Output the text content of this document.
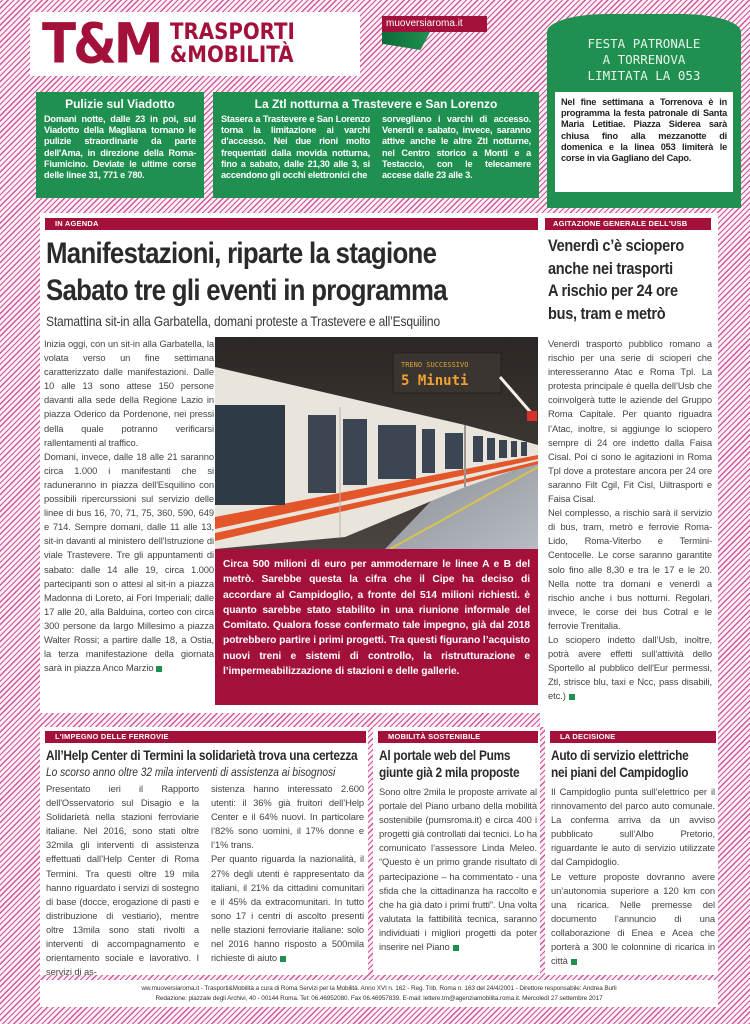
T&M TRASPORTI
&MOBILITÀ
muoversiaroma.it
Pulizie sul Viadotto
Domani notte, dalle 23 in poi, sul Viadotto della Magliana tornano le pulizie straordinarie da parte dell'Ama, in direzione della Roma-Fiumicino. Deviate le ultime corse delle linee 31, 771 e 780.
La Ztl notturna a Trastevere e San Lorenzo
Stasera a Trastevere e San Lorenzo torna la limitazione ai varchi d'accesso. Nei due rioni molto frequentati dalla movida notturna, fino a sabato, dalle 21,30 alle 3, si accendono gli occhi elettronici che
sorvegliano i varchi di accesso. Venerdì e sabato, invece, saranno attive anche le altre Ztl notturne, nel Centro storico a Monti e a Testaccio, con le telecamere accese dalle 23 alle 3.
FESTA PATRONALE
A TORRENOVA
LIMITATA LA 053
Nel fine settimana a Torrenova è in programma la festa patronale di Santa Maria Letitiae. Piazza Siderea sarà chiusa fino alla mezzanotte di domenica e la linea 053 limiterà le corse in via Gagliano del Capo.
IN AGENDA
Manifestazioni, riparte la stagione
Sabato tre gli eventi in programma
Stamattina sit-in alla Garbatella, domani proteste a Trastevere e all’Esquilino

Inizia oggi, con un sit-in alla Garbatella, la volata verso un fine settimana caratterizzato dalle manifestazioni. Dalle 10 alle 13 sono attese 150 persone davanti alla sede della Regione Lazio in piazza Oderico da Pordenone, nei pressi della quale potranno verificarsi rallentamenti al traffico.

Domani, invece, dalle 18 alle 21 saranno circa 1.000 i manifestanti che si raduneranno in piazza dell'Esquilino con possibili ripercurssioni sul servizio delle linee di bus 16, 70, 71, 75, 360, 590, 649 e 714. Sempre domani, dalle 11 alle 13, sit-in davanti al ministero dell'Istruzione di viale Trastevere. Tre gli appuntamenti di sabato: dalle 14 alle 19, circa 1.000 partecipanti son o attesi al sit-in a piazza Madonna di Loreto, ai Fori Imperiali; dalle 17 alle 20, alla Balduina, corteo con circa 300 persone da largo Millesimo a piazza Walter Rossi; a partire dalle 18, a Ostia, la terza manifestazione della giornata sarà in piazza Anco Marzio

TRENO SUCCESSIVO
5 Minuti
Circa 500 milioni di euro per ammodernare le linee A e B del metrò. Sarebbe questa la cifra che il Cipe ha deciso di accordare al Campidoglio, a fronte del 514 milioni richiesti. è quanto sarebbe stato stabilito in una riunione informale del Comitato. Qualora fosse confermato tale impegno, già dal 2018 potrebbero partire i primi progetti. Tra questi figurano l’acquisto nuovi treni e sistemi di controllo, la ristrutturazione e l’impermeabilizzazione di stazioni e delle gallerie.
AGITAZIONE GENERALE DELL'USB
Venerdì c’è sciopero
anche nei trasporti
A rischio per 24 ore
bus, tram e metrò

Venerdì trasporto pubblico romano a rischio per una serie di scioperi che interesseranno Atac e Roma Tpl. La protesta principale è quella dell’Usb che coinvolgerà tutte le aziende del Gruppo Roma Capitale. Per quanto riguadra l’Atac, inoltre, si aggiunge lo sciopero sempre di 24 ore indetto dalla Faisa Cisal. Poi ci sono le agitazioni in Roma Tpl dove a protestare ancora per 24 ore saranno Filt Cgil, Fit Cisl, Uiltrasporti e Faisa Cisal.

Nel complesso, a rischio sarà il servizio di bus, tram, metrò e ferrovie Roma-Lido, Roma-Viterbo e Termini-Centocelle. Le corse saranno garantite solo fino alle 8,30 e tra le 17 e le 20. Nella notte tra domani e venerdì a rischio anche i bus notturni. Regolari, invece, le corse dei bus Cotral e le ferrovie Trenitalia.

Lo sciopero indetto dall’Usb, inoltre, potrà avere effetti sull’attività dello Sportello al pubblico dell'Eur permessi, Ztl, strisce blu, taxi e Ncc, pass disabili, etc.)

L'IMPEGNO DELLE FERROVIE
All’Help Center di Termini la solidarietà trova una certezza
Lo scorso anno oltre 32 mila interventi di assistenza ai bisognosi
Presentato ieri il Rapporto dell'Osservatorio sul Disagio e la Solidarietà nella stazioni ferroviarie italiane. Nel 2016, sono stati oltre 32mila gli interventi di assistenza effettuati dall’Help Center di Roma Termini. Tra questi oltre 19 mila hanno riguardato i servizi di sostegno di base (docce, erogazione di pasti e distribuzione di vestiario), mentre oltre 13mila sono stati rivolti a interventi di accompagnamento e orientamento sociale e lavorativo. I servizi di as-

sistenza hanno interessato 2.600 utenti: il 36% già fruitori dell’Help Center e il 64% nuovi. In particolare l’82% sono uomini, il 17% donne e l’1% trans.

Per quanto riguarda la nazionalità, il 27% degli utenti è rappresentato da italiani, il 21% da cittadini comunitari e il 45% da extracomunitari. In tutto sono 17 i centri di ascolto presenti nelle stazioni ferroviarie italiane: solo nel 2016 hanno risposto a 500mila richieste di aiuto

MOBILITÀ SOSTENIBILE
Al portale web del Pums
giunte già 2 mila proposte
Sono oltre 2mila le proposte arrivate al portale del Piano urbano della mobilità sostenibile (pumsroma.it) e circa 400 i progetti già controllati dai tecnici. Lo ha comunicato l’assessore Linda Meleo. “Questo è un primo grande risultato di partecipazione – ha commentato - una sfida che la cittadinanza ha raccolto e che ha già dato i primi frutti”. Una volta valutata la fattibilità tecnica, saranno individuati i migliori progetti da poter inserire nel Piano
LA DECISIONE
Auto di servizio elettriche
nei piani del Campidoglio

Il Campidoglio punta sull’elettrico per il rinnovamento del parco auto comunale. La conferma arriva da un avviso pubblicato sull’Albo Pretorio, riguardante le auto di servizio utilizzate dal Campidoglio.

Le vetture proposte dovranno avere un’autonomia superiore a 120 km con una ricarica. Nelle premesse del documento l’annuncio di una collaborazione di Enea e Acea che porterà a 300 le colonnine di ricarica in città

ww.muoversiaroma.it - Trasporti&Mobilità a cura di Roma Servizi per la Mobilità. Anno XVI n. 162 - Reg. Trib. Roma n. 163 del 24/4/2001 - Direttore responsabile: Andrea Burli
Redazione: piazzale degli Archivi, 40 - 00144 Roma. Tel: 06.46952080. Fax 06.46957839. E-mail: lettere.tm@agenziamobilita.roma.it. Mercoledì 27 settembre 2017
